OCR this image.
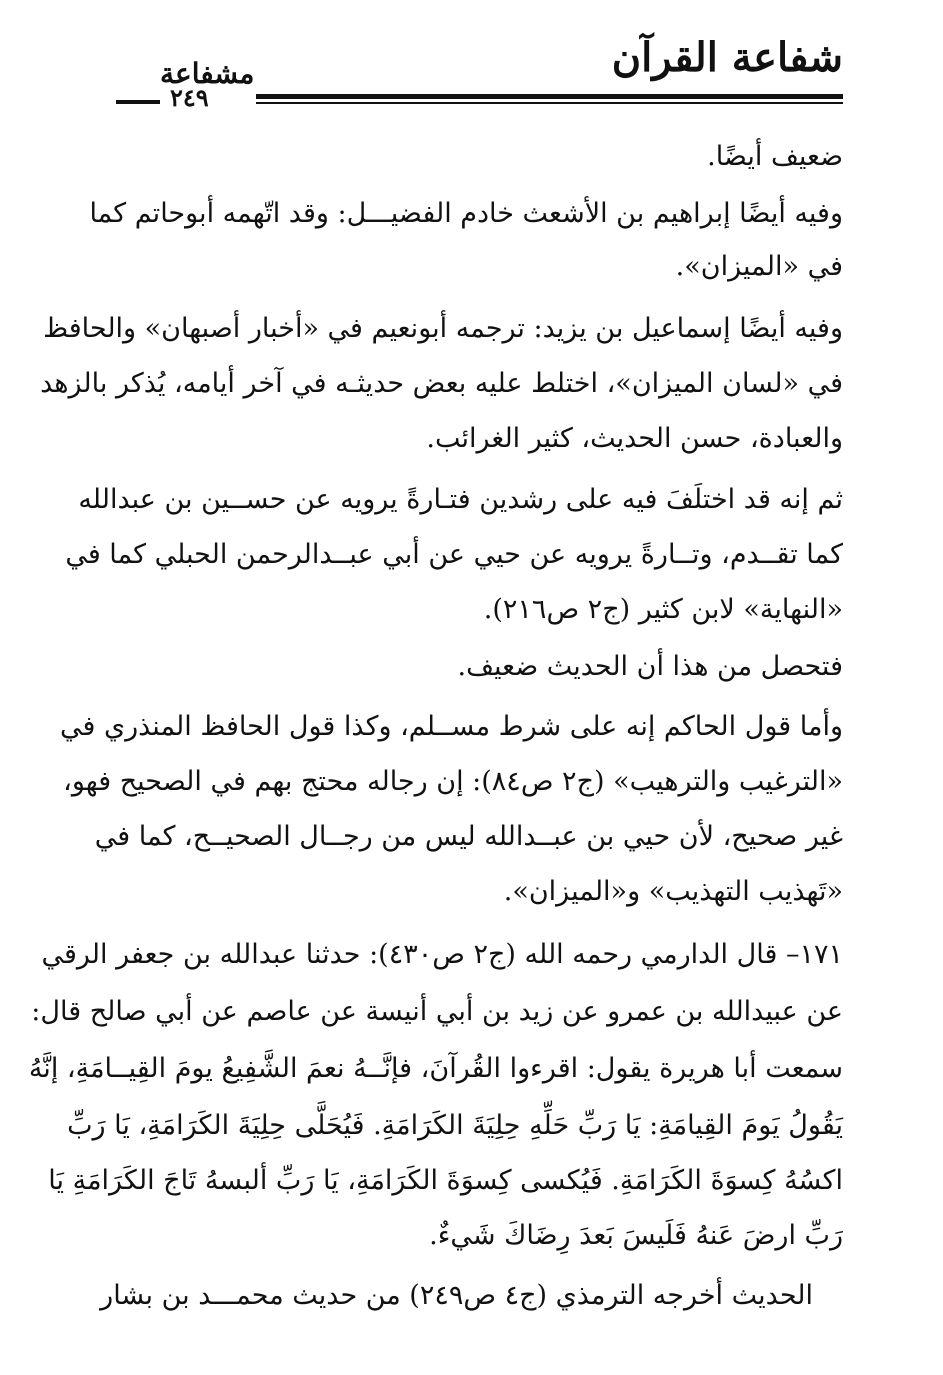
شفاعة القرآن
مشفاعة
٢٤٩
ضعيف أيضًا.
وفيه أيضًا إبراهيم بن الأشعث خادم الفضيـــل: وقد اتّهمه أبوحاتم كما
في «الميزان».
وفيه أيضًا إسماعيل بن يزيد: ترجمه أبونعيم في «أخبار أصبهان» والحافظ
في «لسان الميزان»، اختلط عليه بعض حديثـه في آخر أيامه، يُذكر بالزهد
والعبادة، حسن الحديث، كثير الغرائب.
ثم إنه قد اختلَفَ فيه على رشدين فتـارةً يرويه عن حســين بن عبدالله
كما تقــدم، وتــارةً يرويه عن حيي عن أبي عبــدالرحمن الحبلي كما في
«النهاية» لابن كثير (ج٢ ص٢١٦).
فتحصل من هذا أن الحديث ضعيف.
وأما قول الحاكم إنه على شرط مســلم، وكذا قول الحافظ المنذري في
«الترغيب والترهيب» (ج٢ ص٨٤): إن رجاله محتج بهم في الصحيح فهو،
غير صحيح، لأن حيي بن عبــدالله ليس من رجــال الصحيــح، كما في
«تَهذيب التهذيب» و«الميزان».
١٧١– قال الدارمي رحمه الله (ج٢ ص٤٣٠): حدثنا عبدالله بن جعفر الرقي
عن عبيدالله بن عمرو عن زيد بن أبي أنيسة عن عاصم عن أبي صالح قال:
سمعت أبا هريرة يقول: اقرءوا القُرآنَ، فإنَّــهُ نعمَ الشَّفِيعُ يومَ القِيــامَةِ، إنَّهُ
يَقُولُ يَومَ القِيامَةِ: يَا رَبِّ حَلِّهِ حِلِيَةَ الكَرَامَةِ. فَيُحَلَّى حِلِيَةَ الكَرَامَةِ، يَا رَبِّ
اكسُهُ كِسوَةَ الكَرَامَةِ. فَيُكسى كِسوَةَ الكَرَامَةِ، يَا رَبِّ ألبسهُ تَاجَ الكَرَامَةِ يَا
رَبِّ ارضَ عَنهُ فَلَيسَ بَعدَ رِضَاكَ شَيءٌ.
الحديث أخرجه الترمذي (ج٤ ص٢٤٩) من حديث محمـــد بن بشار
